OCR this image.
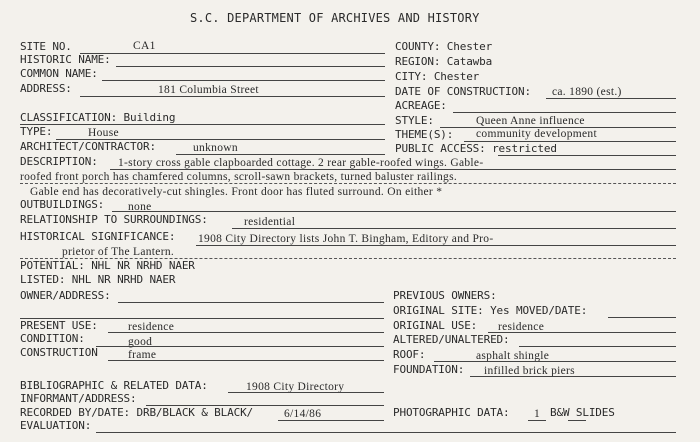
S.C. DEPARTMENT OF ARCHIVES AND HISTORY
SITE NO.	CA1
HISTORIC NAME:
COMMON NAME:
ADDRESS:	181 Columbia Street
CLASSIFICATION: Building
TYPE:	House
ARCHITECT/CONTRACTOR:	unknown
DESCRIPTION: 1-story cross gable clapboarded cottage. 2 rear gable-roofed wings. Gable-
roofed front porch has chamfered columns, scroll-sawn brackets, turned baluster railings.
Gable end has decoratively-cut shingles. Front door has fluted surround. On either *
OUTBUILDINGS: none
RELATIONSHIP TO SURROUNDINGS:	residential
HISTORICAL SIGNIFICANCE: 1908 City Directory lists John T. Bingham, Editory and Pro-
prietor of The Lantern.
POTENTIAL: NHL NR NRHD NAER
LISTED: NHL NR NRHD NAER
OWNER/ADDRESS:
PRESENT USE:	residence
CONDITION:	good
CONSTRUCTION	frame
BIBLIOGRAPHIC & RELATED DATA:	1908 City Directory
INFORMANT/ADDRESS:
RECORDED BY/DATE: DRB/BLACK & BLACK/	6/14/86
EVALUATION:
COUNTY: Chester
REGION: Catawba
CITY: Chester
DATE OF CONSTRUCTION: ca. 1890 (est.)
ACREAGE:
STYLE:	Queen Anne influence
THEME(S): community development
PUBLIC ACCESS: restricted
PREVIOUS OWNERS:
ORIGINAL SITE: Yes MOVED/DATE:
ORIGINAL USE: residence
ALTERED/UNALTERED:
ROOF:	asphalt shingle
FOUNDATION: infilled brick piers
PHOTOGRAPHIC DATA: 1 B&W SLIDES
